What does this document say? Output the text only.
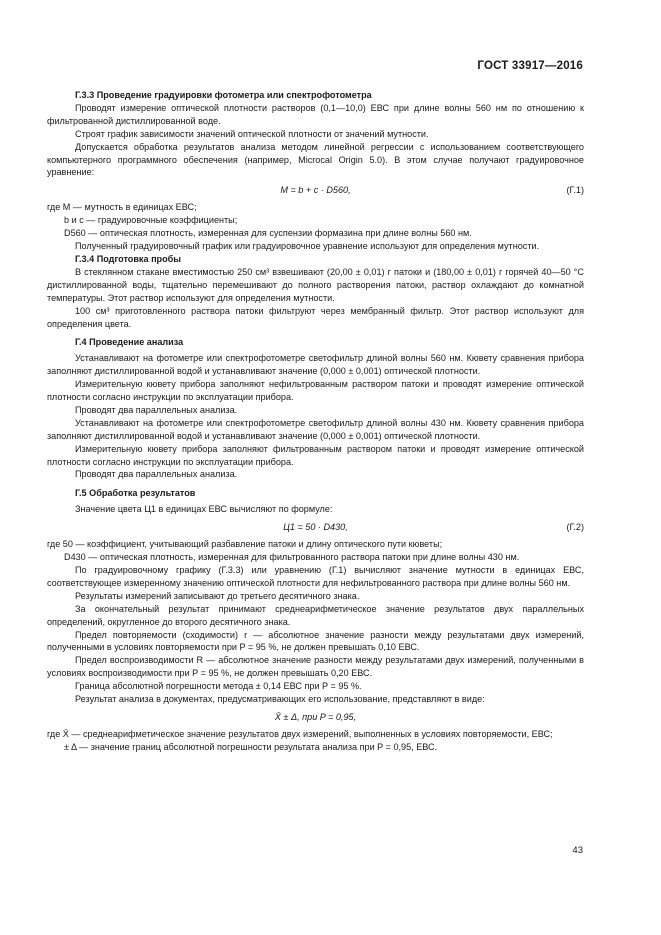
ГОСТ 33917—2016

Г.3.3 Проведение градуировки фотометра или спектрофотометра

Проводят измерение оптической плотности растворов (0,1—10,0) ЕВС при длине волны 560 нм по отношению к фильтрованной дистиллированной воде.

Строят график зависимости значений оптической плотности от значений мутности.

Допускается обработка результатов анализа методом линейной регрессии с использованием соответствующего компьютерного программного обеспечения (например, Microcal Origin 5.0). В этом случае получают градуировочное уравнение:

M = b + c · D560,	(Г.1)

где M — мутность в единицах ЕВС;

b и c — градуировочные коэффициенты;

D560 — оптическая плотность, измеренная для суспензии формазина при длине волны 560 нм.

Полученный градуировочный график или градуировочное уравнение используют для определения мутности.

Г.3.4 Подготовка пробы

В стеклянном стакане вместимостью 250 см³ взвешивают (20,00 ± 0,01) г патоки и (180,00 ± 0,01) г горячей 40—50 °С дистиллированной воды, тщательно перемешивают до полного растворения патоки, раствор охлаждают до комнатной температуры. Этот раствор используют для определения мутности.

100 см³ приготовленного раствора патоки фильтруют через мембранный фильтр. Этот раствор используют для определения цвета.

Г.4 Проведение анализа

Устанавливают на фотометре или спектрофотометре светофильтр длиной волны 560 нм. Кювету сравнения прибора заполняют дистиллированной водой и устанавливают значение (0,000 ± 0,001) оптической плотности.

Измерительную кювету прибора заполняют нефильтрованным раствором патоки и проводят измерение оптической плотности согласно инструкции по эксплуатации прибора.

Проводят два параллельных анализа.

Устанавливают на фотометре или спектрофотометре светофильтр длиной волны 430 нм. Кювету сравнения прибора заполняют дистиллированной водой и устанавливают значение (0,000 ± 0,001) оптической плотности.

Измерительную кювету прибора заполняют фильтрованным раствором патоки и проводят измерение оптической плотности согласно инструкции по эксплуатации прибора.

Проводят два параллельных анализа.

Г.5 Обработка результатов

Значение цвета Ц1 в единицах ЕВС вычисляют по формуле:

Ц1 = 50 · D430,	(Г.2)

где 50 — коэффициент, учитывающий разбавление патоки и длину оптического пути кюветы;

D430 — оптическая плотность, измеренная для фильтрованного раствора патоки при длине волны 430 нм.

По градуировочному графику (Г.3.3) или уравнению (Г.1) вычисляют значение мутности в единицах ЕВС, соответствующее измеренному значению оптической плотности для нефильтрованного раствора при длине волны 560 нм.

Результаты измерений записывают до третьего десятичного знака.

За окончательный результат принимают среднеарифметическое значение результатов двух параллельных определений, округленное до второго десятичного знака.

Предел повторяемости (сходимости) r — абсолютное значение разности между результатами двух измерений, полученными в условиях повторяемости при P = 95 %, не должен превышать 0,10 ЕВС.

Предел воспроизводимости R — абсолютное значение разности между результатами двух измерений, полученными в условиях воспроизводимости при P = 95 %, не должен превышать 0,20 ЕВС.

Граница абсолютной погрешности метода ± 0,14 ЕВС при P = 95 %.

Результат анализа в документах, предусматривающих его использование, представляют в виде:

X̄ ± Δ, при P = 0,95,

где X̄ — среднеарифметическое значение результатов двух измерений, выполненных в условиях повторяемости, ЕВС;

± Δ — значение границ абсолютной погрешности результата анализа при P = 0,95, ЕВС.

43
